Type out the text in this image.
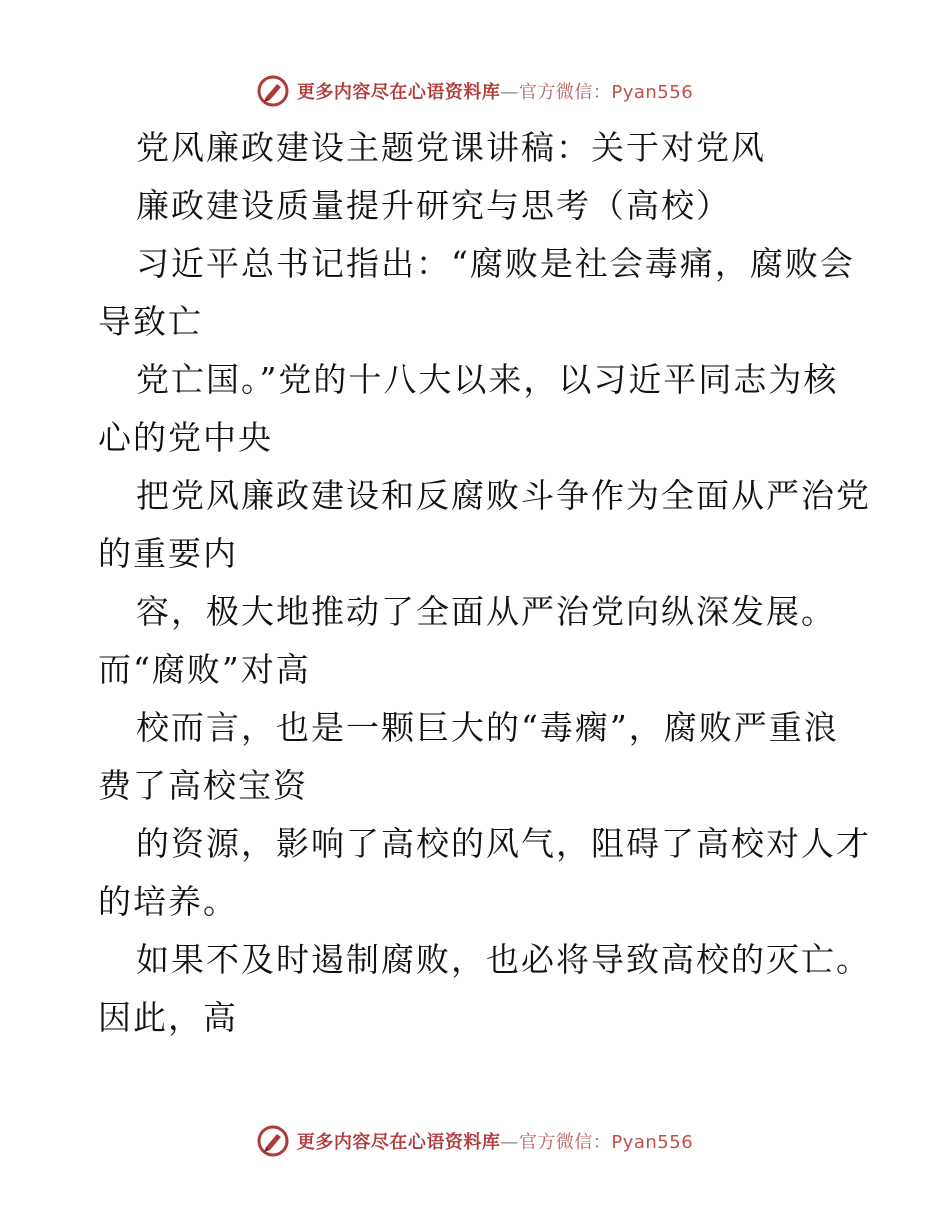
更多内容尽在心语资料库—官方微信：Pyan556
党风廉政建设主题党课讲稿：关于对党风
廉政建设质量提升研究与思考（高校）
习近平总书记指出：“腐败是社会毒痛，腐败会
导致亡
党亡国。”党的十八大以来，以习近平同志为核
心的党中央
把党风廉政建设和反腐败斗争作为全面从严治党
的重要内
容，极大地推动了全面从严治党向纵深发展。
而“腐败”对高
校而言，也是一颗巨大的“毒瘸”，腐败严重浪
费了高校宝资
的资源，影响了高校的风气，阻碍了高校对人才
的培养。
如果不及时遏制腐败，也必将导致高校的灭亡。
因此，高
更多内容尽在心语资料库—官方微信：Pyan556
